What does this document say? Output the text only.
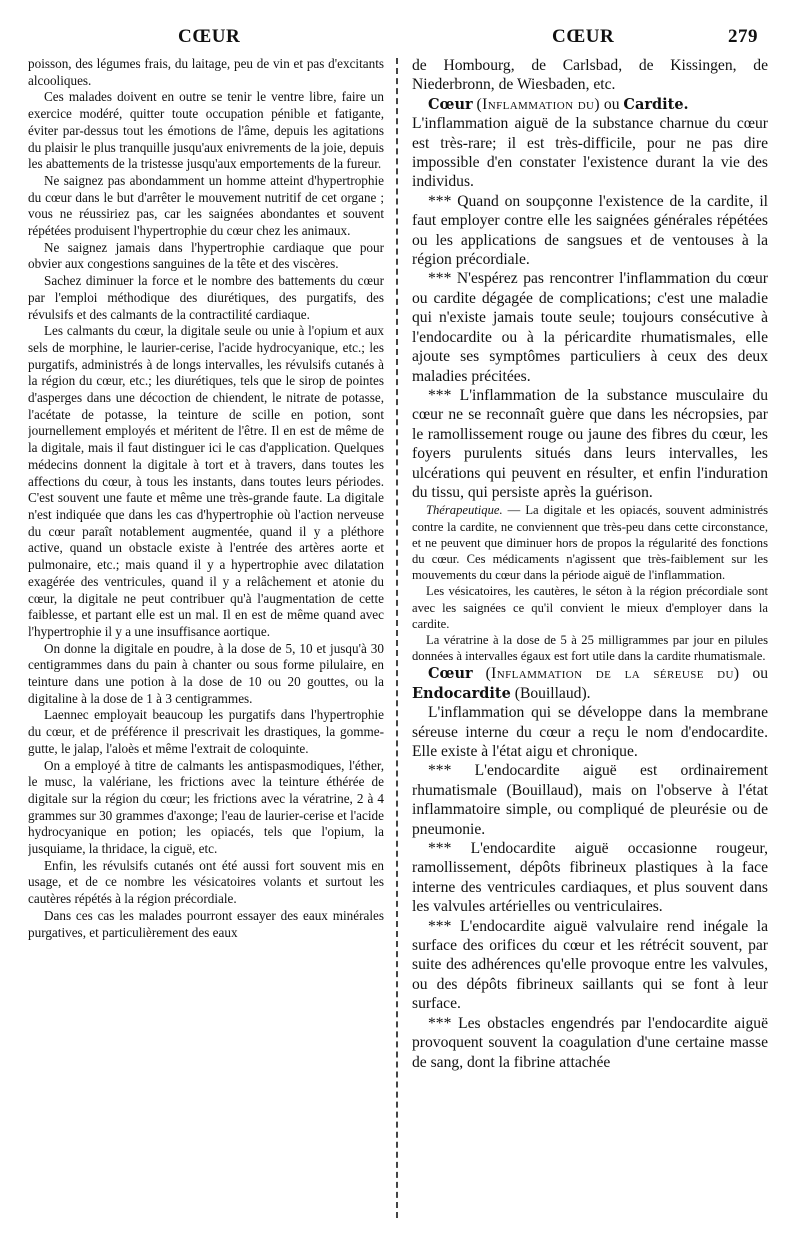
CŒUR	CŒUR	279

poisson, des légumes frais, du laitage, peu de vin et pas d'excitants alcooliques.

Ces malades doivent en outre se tenir le ventre libre, faire un exercice modéré, quitter toute occupation pénible et fatigante, éviter par-dessus tout les émotions de l'âme, depuis les agitations du plaisir le plus tranquille jusqu'aux enivrements de la joie, depuis les abattements de la tristesse jusqu'aux emportements de la fureur.

Ne saignez pas abondamment un homme atteint d'hypertrophie du cœur dans le but d'arrêter le mouvement nutritif de cet organe ; vous ne réussiriez pas, car les saignées abondantes et souvent répétées produisent l'hypertrophie du cœur chez les animaux.

Ne saignez jamais dans l'hypertrophie cardiaque que pour obvier aux congestions sanguines de la tête et des viscères.

Sachez diminuer la force et le nombre des battements du cœur par l'emploi méthodique des diurétiques, des purgatifs, des révulsifs et des calmants de la contractilité cardiaque.

Les calmants du cœur, la digitale seule ou unie à l'opium et aux sels de morphine, le laurier-cerise, l'acide hydrocyanique, etc.; les purgatifs, administrés à de longs intervalles, les révulsifs cutanés à la région du cœur, etc.; les diurétiques, tels que le sirop de pointes d'asperges dans une décoction de chiendent, le nitrate de potasse, l'acétate de potasse, la teinture de scille en potion, sont journellement employés et méritent de l'être. Il en est de même de la digitale, mais il faut distinguer ici le cas d'application. Quelques médecins donnent la digitale à tort et à travers, dans toutes les affections du cœur, à tous les instants, dans toutes leurs périodes. C'est souvent une faute et même une très-grande faute. La digitale n'est indiquée que dans les cas d'hypertrophie où l'action nerveuse du cœur paraît notablement augmentée, quand il y a pléthore active, quand un obstacle existe à l'entrée des artères aorte et pulmonaire, etc.; mais quand il y a hypertrophie avec dilatation exagérée des ventricules, quand il y a relâchement et atonie du cœur, la digitale ne peut contribuer qu'à l'augmentation de cette faiblesse, et partant elle est un mal. Il en est de même quand avec l'hypertrophie il y a une insuffisance aortique.

On donne la digitale en poudre, à la dose de 5, 10 et jusqu'à 30 centigrammes dans du pain à chanter ou sous forme pilulaire, en teinture dans une potion à la dose de 10 ou 20 gouttes, ou la digitaline à la dose de 1 à 3 centigrammes.

Laennec employait beaucoup les purgatifs dans l'hypertrophie du cœur, et de préférence il prescrivait les drastiques, la gomme-gutte, le jalap, l'aloès et même l'extrait de coloquinte.

On a employé à titre de calmants les antispasmodiques, l'éther, le musc, la valériane, les frictions avec la teinture éthérée de digitale sur la région du cœur; les frictions avec la vératrine, 2 à 4 grammes sur 30 grammes d'axonge; l'eau de laurier-cerise et l'acide hydrocyanique en potion; les opiacés, tels que l'opium, la jusquiame, la thridace, la ciguë, etc.

Enfin, les révulsifs cutanés ont été aussi fort souvent mis en usage, et de ce nombre les vésicatoires volants et surtout les cautères répétés à la région précordiale.

Dans ces cas les malades pourront essayer des eaux minérales purgatives, et particulièrement des eaux

de Hombourg, de Carlsbad, de Kissingen, de Niederbronn, de Wiesbaden, etc.

Cœur (Inflammation du) ou Cardite.

L'inflammation aiguë de la substance charnue du cœur est très-rare; il est très-difficile, pour ne pas dire impossible d'en constater l'existence durant la vie des individus.

*** Quand on soupçonne l'existence de la cardite, il faut employer contre elle les saignées générales répétées ou les applications de sangsues et de ventouses à la région précordiale.

*** N'espérez pas rencontrer l'inflammation du cœur ou cardite dégagée de complications; c'est une maladie qui n'existe jamais toute seule; toujours consécutive à l'endocardite ou à la péricardite rhumatismales, elle ajoute ses symptômes particuliers à ceux des deux maladies précitées.

*** L'inflammation de la substance musculaire du cœur ne se reconnaît guère que dans les nécropsies, par le ramollissement rouge ou jaune des fibres du cœur, les foyers purulents situés dans leurs intervalles, les ulcérations qui peuvent en résulter, et enfin l'induration du tissu, qui persiste après la guérison.

Thérapeutique. — La digitale et les opiacés, souvent administrés contre la cardite, ne conviennent que très-peu dans cette circonstance, et ne peuvent que diminuer hors de propos la régularité des fonctions du cœur. Ces médicaments n'agissent que très-faiblement sur les mouvements du cœur dans la période aiguë de l'inflammation.

Les vésicatoires, les cautères, le séton à la région précordiale sont avec les saignées ce qu'il convient le mieux d'employer dans la cardite.

La vératrine à la dose de 5 à 25 milligrammes par jour en pilules données à intervalles égaux est fort utile dans la cardite rhumatismale.

Cœur (Inflammation de la séreuse du) ou Endocardite (Bouillaud).

L'inflammation qui se développe dans la membrane séreuse interne du cœur a reçu le nom d'endocardite. Elle existe à l'état aigu et chronique.

*** L'endocardite aiguë est ordinairement rhumatismale (Bouillaud), mais on l'observe à l'état inflammatoire simple, ou compliqué de pleurésie ou de pneumonie.

*** L'endocardite aiguë occasionne rougeur, ramollissement, dépôts fibrineux plastiques à la face interne des ventricules cardiaques, et plus souvent dans les valvules artérielles ou ventriculaires.

*** L'endocardite aiguë valvulaire rend inégale la surface des orifices du cœur et les rétrécit souvent, par suite des adhérences qu'elle provoque entre les valvules, ou des dépôts fibrineux saillants qui se font à leur surface.

*** Les obstacles engendrés par l'endocardite aiguë provoquent souvent la coagulation d'une certaine masse de sang, dont la fibrine attachée
